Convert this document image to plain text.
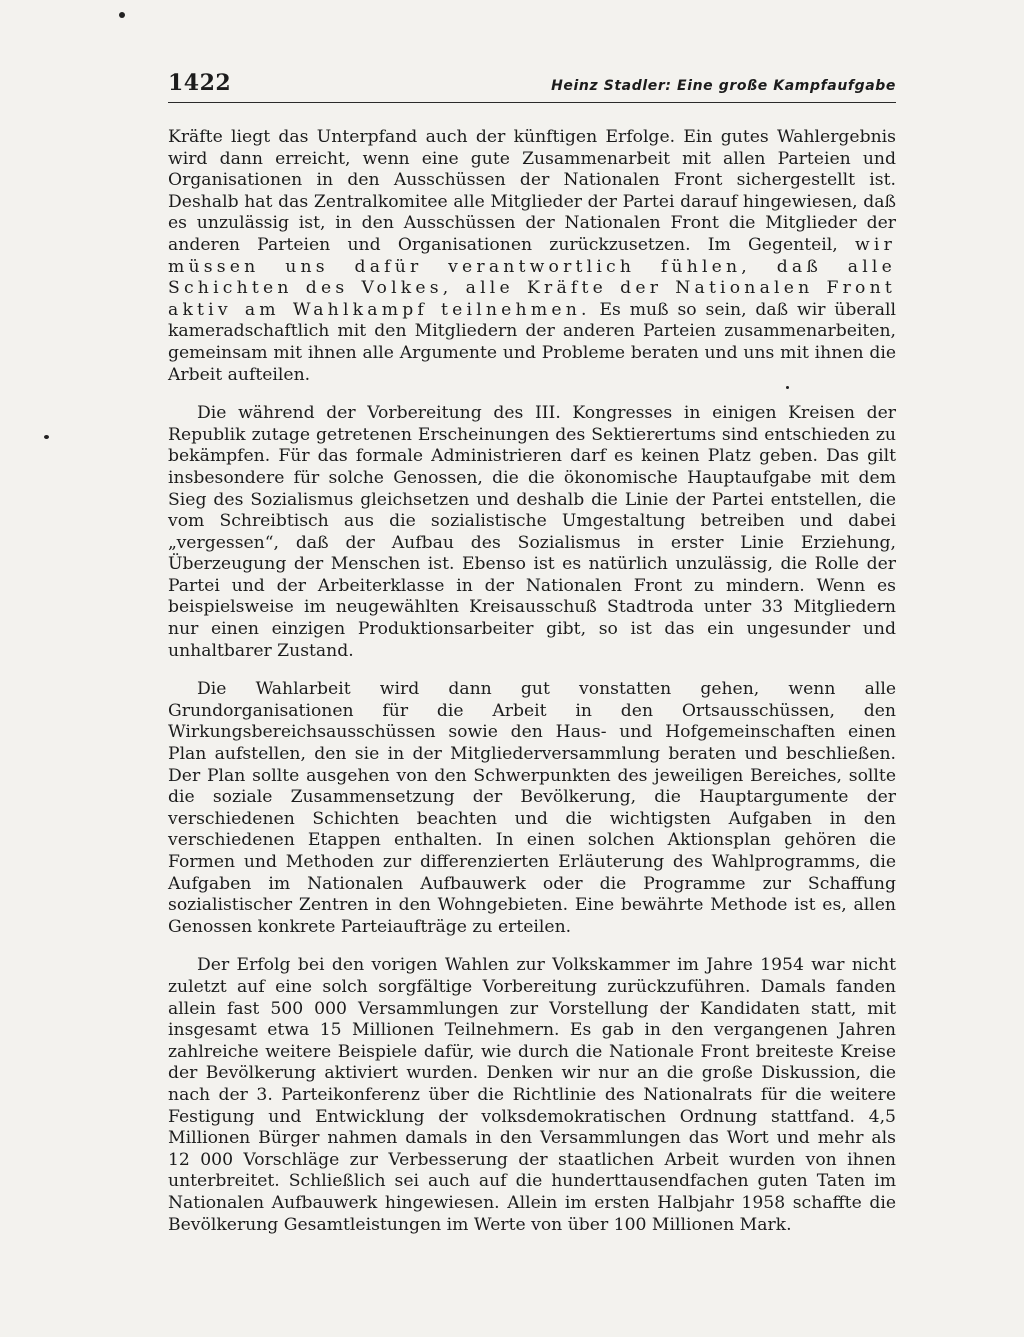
1422	Heinz Stadler: Eine große Kampfaufgabe

Kräfte liegt das Unterpfand auch der künftigen Erfolge. Ein gutes Wahlergebnis wird dann erreicht, wenn eine gute Zusammenarbeit mit allen Parteien und Organisationen in den Ausschüssen der Nationalen Front sichergestellt ist. Deshalb hat das Zentralkomitee alle Mitglieder der Partei darauf hingewiesen, daß es unzulässig ist, in den Ausschüssen der Nationalen Front die Mitglieder der anderen Parteien und Organisationen zurückzusetzen. Im Gegenteil, wir müssen uns dafür verantwortlich fühlen, daß alle Schichten des Volkes, alle Kräfte der Nationalen Front aktiv am Wahlkampf teilnehmen. Es muß so sein, daß wir überall kameradschaftlich mit den Mitgliedern der anderen Parteien zusammenarbeiten, gemeinsam mit ihnen alle Argumente und Probleme beraten und uns mit ihnen die Arbeit aufteilen.

Die während der Vorbereitung des III. Kongresses in einigen Kreisen der Republik zutage getretenen Erscheinungen des Sektierertums sind entschieden zu bekämpfen. Für das formale Administrieren darf es keinen Platz geben. Das gilt insbesondere für solche Genossen, die die ökonomische Hauptaufgabe mit dem Sieg des Sozialismus gleichsetzen und deshalb die Linie der Partei entstellen, die vom Schreibtisch aus die sozialistische Umgestaltung betreiben und dabei „vergessen“, daß der Aufbau des Sozialismus in erster Linie Erziehung, Überzeugung der Menschen ist. Ebenso ist es natürlich unzulässig, die Rolle der Partei und der Arbeiterklasse in der Nationalen Front zu mindern. Wenn es beispielsweise im neugewählten Kreisausschuß Stadtroda unter 33 Mitgliedern nur einen einzigen Produktionsarbeiter gibt, so ist das ein ungesunder und unhaltbarer Zustand.

Die Wahlarbeit wird dann gut vonstatten gehen, wenn alle Grundorganisationen für die Arbeit in den Ortsausschüssen, den Wirkungsbereichsausschüssen sowie den Haus- und Hofgemeinschaften einen Plan aufstellen, den sie in der Mitgliederversammlung beraten und beschließen. Der Plan sollte ausgehen von den Schwerpunkten des jeweiligen Bereiches, sollte die soziale Zusammensetzung der Bevölkerung, die Hauptargumente der verschiedenen Schichten beachten und die wichtigsten Aufgaben in den verschiedenen Etappen enthalten. In einen solchen Aktionsplan gehören die Formen und Methoden zur differenzierten Erläuterung des Wahlprogramms, die Aufgaben im Nationalen Aufbauwerk oder die Programme zur Schaffung sozialistischer Zentren in den Wohngebieten. Eine bewährte Methode ist es, allen Genossen konkrete Parteiaufträge zu erteilen.

Der Erfolg bei den vorigen Wahlen zur Volkskammer im Jahre 1954 war nicht zuletzt auf eine solch sorgfältige Vorbereitung zurückzuführen. Damals fanden allein fast 500 000 Versammlungen zur Vorstellung der Kandidaten statt, mit insgesamt etwa 15 Millionen Teilnehmern. Es gab in den vergangenen Jahren zahlreiche weitere Beispiele dafür, wie durch die Nationale Front breiteste Kreise der Bevölkerung aktiviert wurden. Denken wir nur an die große Diskussion, die nach der 3. Parteikonferenz über die Richtlinie des Nationalrats für die weitere Festigung und Entwicklung der volksdemokratischen Ordnung stattfand. 4,5 Millionen Bürger nahmen damals in den Versammlungen das Wort und mehr als 12 000 Vorschläge zur Verbesserung der staatlichen Arbeit wurden von ihnen unterbreitet. Schließlich sei auch auf die hunderttausendfachen guten Taten im Nationalen Aufbauwerk hingewiesen. Allein im ersten Halbjahr 1958 schaffte die Bevölkerung Gesamtleistungen im Werte von über 100 Millionen Mark.
